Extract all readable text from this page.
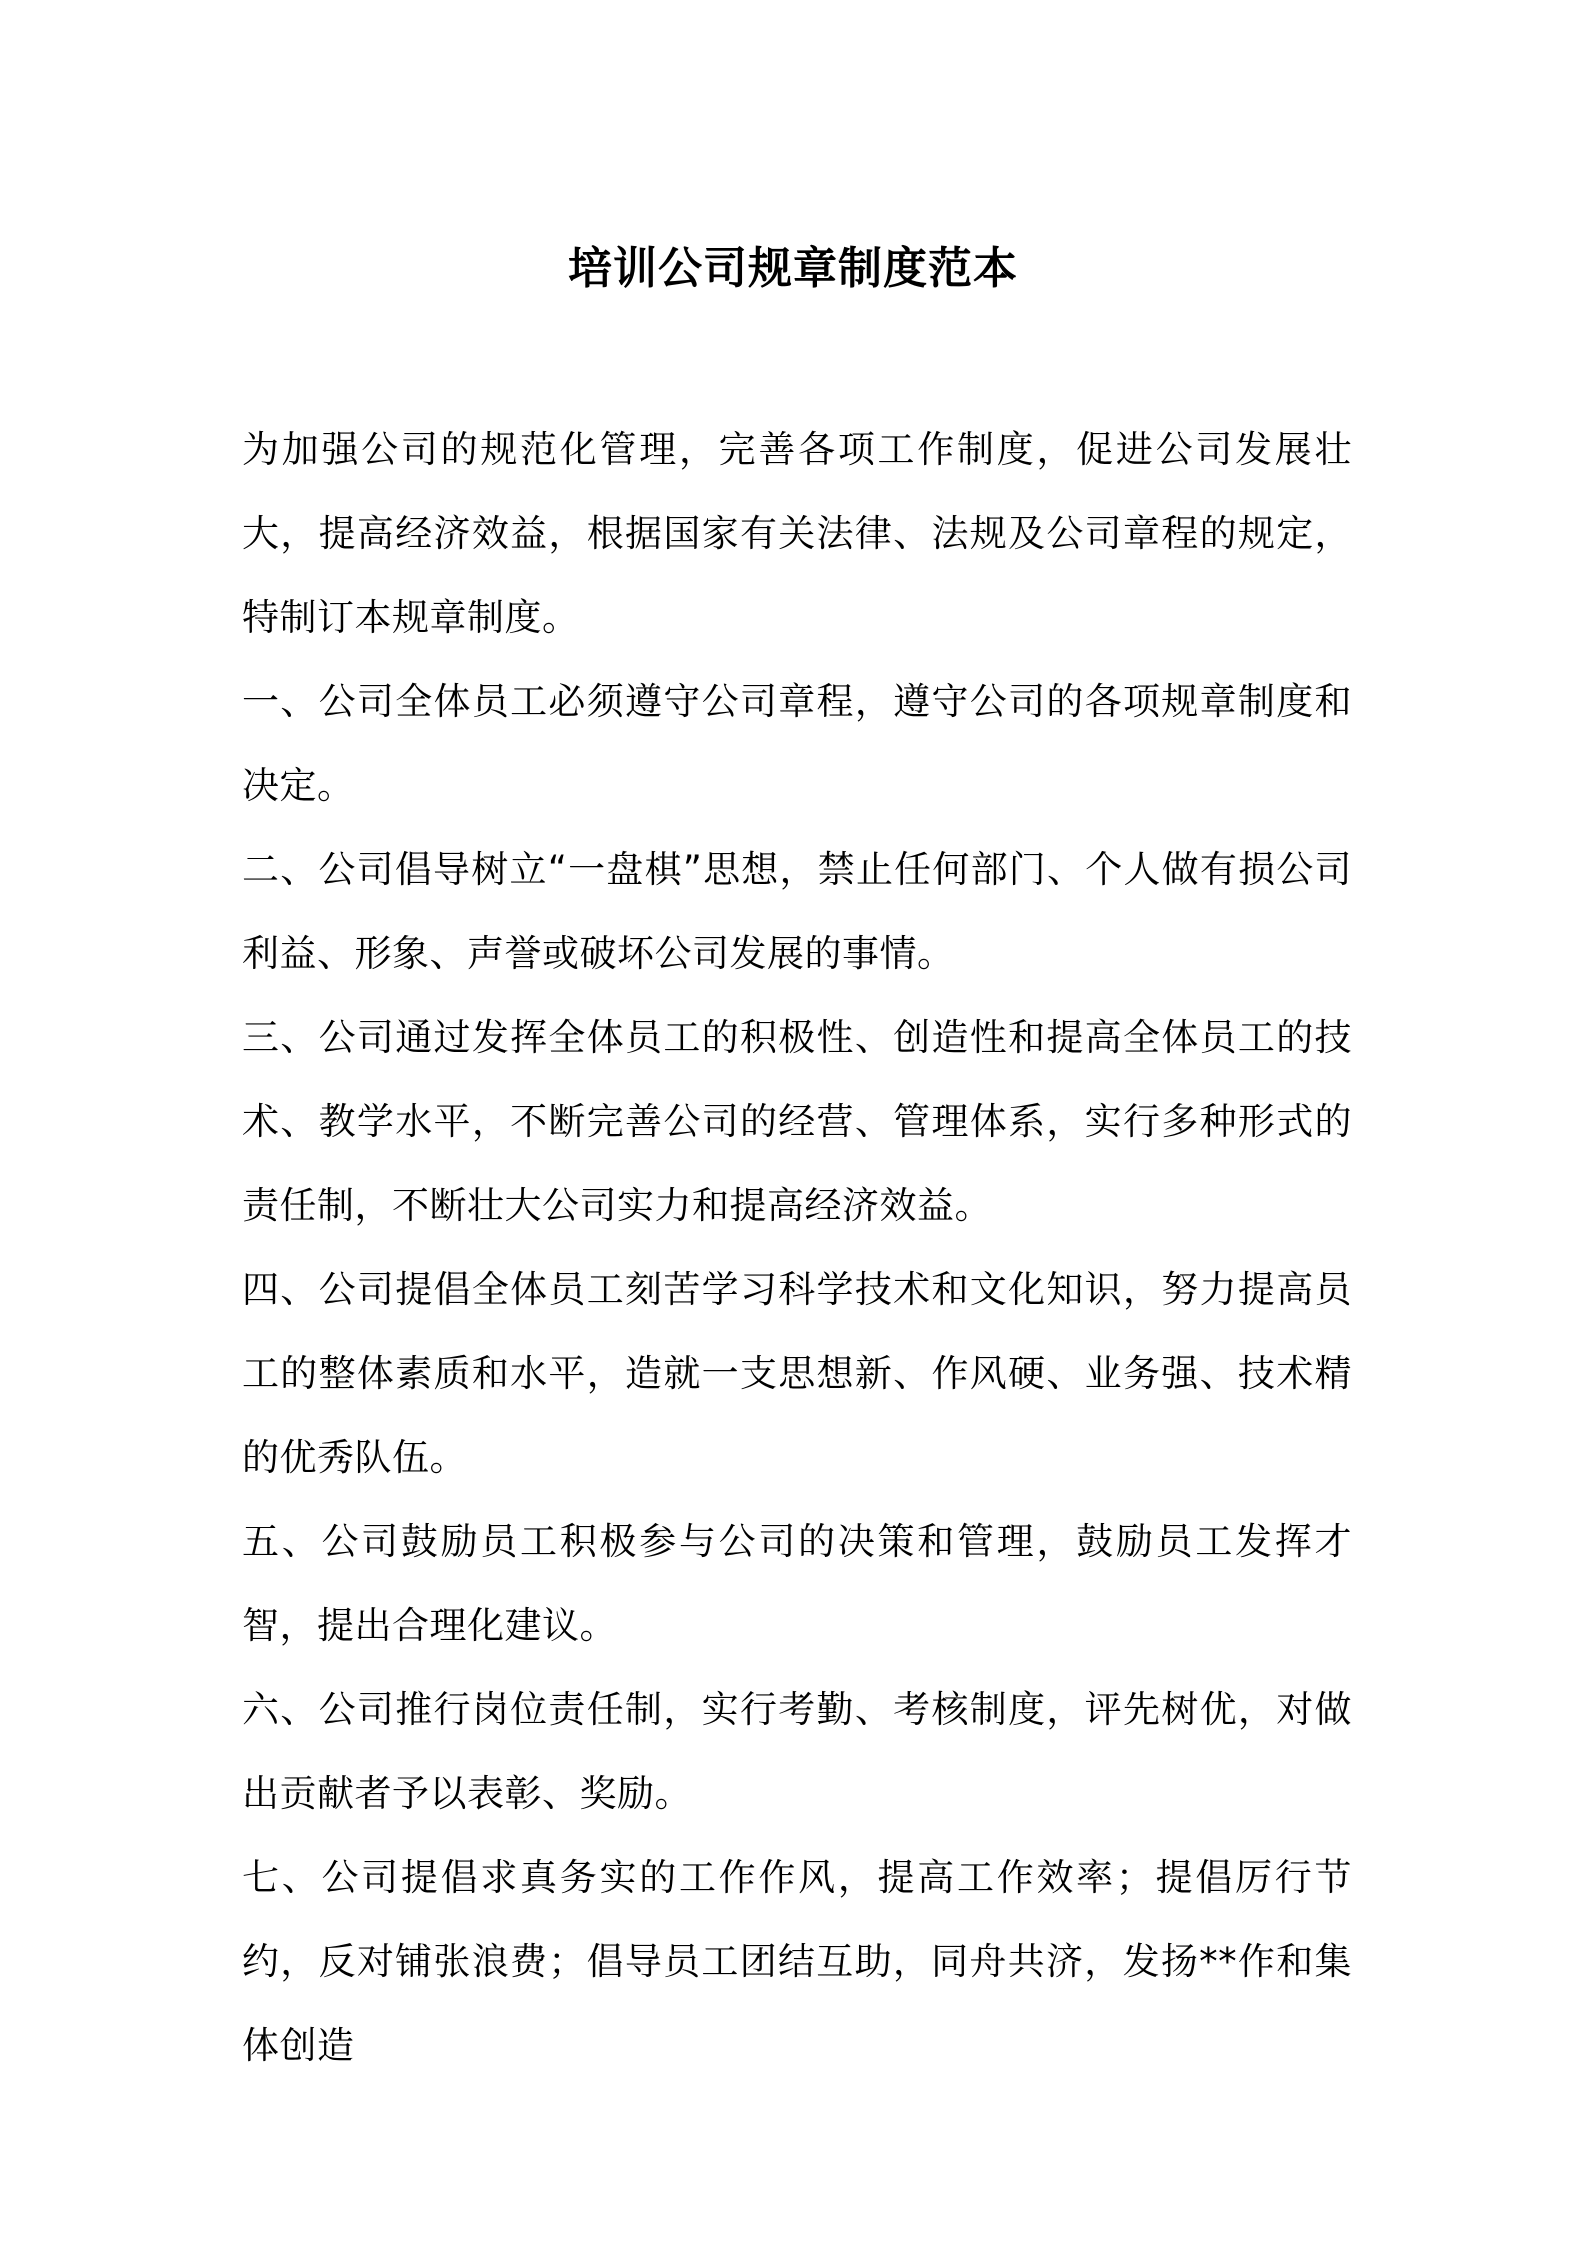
培训公司规章制度范本

为加强公司的规范化管理，完善各项工作制度，促进公司发展壮大，提高经济效益，根据国家有关法律、法规及公司章程的规定，特制订本规章制度。

一、公司全体员工必须遵守公司章程，遵守公司的各项规章制度和决定。

二、公司倡导树立“一盘棋”思想，禁止任何部门、个人做有损公司利益、形象、声誉或破坏公司发展的事情。

三、公司通过发挥全体员工的积极性、创造性和提高全体员工的技术、教学水平，不断完善公司的经营、管理体系，实行多种形式的责任制，不断壮大公司实力和提高经济效益。

四、公司提倡全体员工刻苦学习科学技术和文化知识，努力提高员工的整体素质和水平，造就一支思想新、作风硬、业务强、技术精的优秀队伍。

五、公司鼓励员工积极参与公司的决策和管理，鼓励员工发挥才智，提出合理化建议。

六、公司推行岗位责任制，实行考勤、考核制度，评先树优，对做出贡献者予以表彰、奖励。

七、公司提倡求真务实的工作作风，提高工作效率；提倡厉行节约，反对铺张浪费；倡导员工团结互助，同舟共济，发扬**作和集体创造
